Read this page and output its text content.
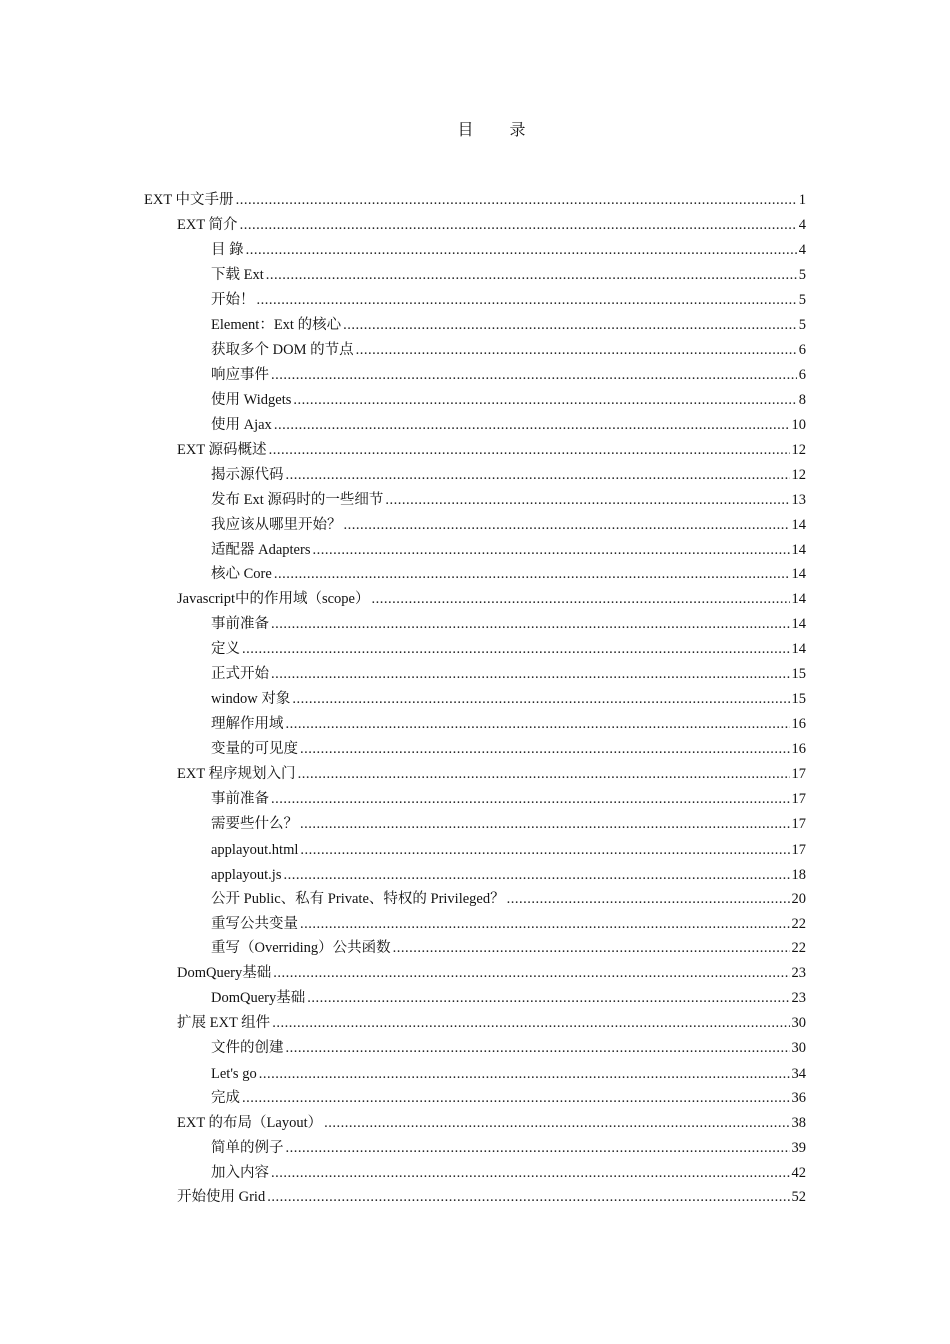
目 录
EXT 中文手册 .....	1
EXT 简介 .....	4
目 錄 .....	4
下载 Ext .....	5
开始！ .....	5
Element：Ext 的核心 .....	5
获取多个 DOM 的节点 .....	6
响应事件 .....	6
使用 Widgets .....	8
使用 Ajax .....	10
EXT 源码概述 .....	12
揭示源代码 .....	12
发布 Ext 源码时的一些细节 .....	13
我应该从哪里开始？ .....	14
适配器 Adapters .....	14
核心 Core .....	14
Javascript中的作用域（scope） .....	14
事前准备 .....	14
定义 .....	14
正式开始 .....	15
window 对象 .....	15
理解作用域 .....	16
变量的可见度 .....	16
EXT 程序规划入门 .....	17
事前准备 .....	17
需要些什么？ .....	17
applayout.html .....	17
applayout.js .....	18
公开 Public、私有 Private、特权的 Privileged？ .....	20
重写公共变量 .....	22
重写（Overriding）公共函数 .....	22
DomQuery基础 .....	23
DomQuery基础 .....	23
扩展 EXT 组件 .....	30
文件的创建 .....	30
Let's go .....	34
完成 .....	36
EXT 的布局（Layout） .....	38
简单的例子 .....	39
加入内容 .....	42
开始使用 Grid .....	52
